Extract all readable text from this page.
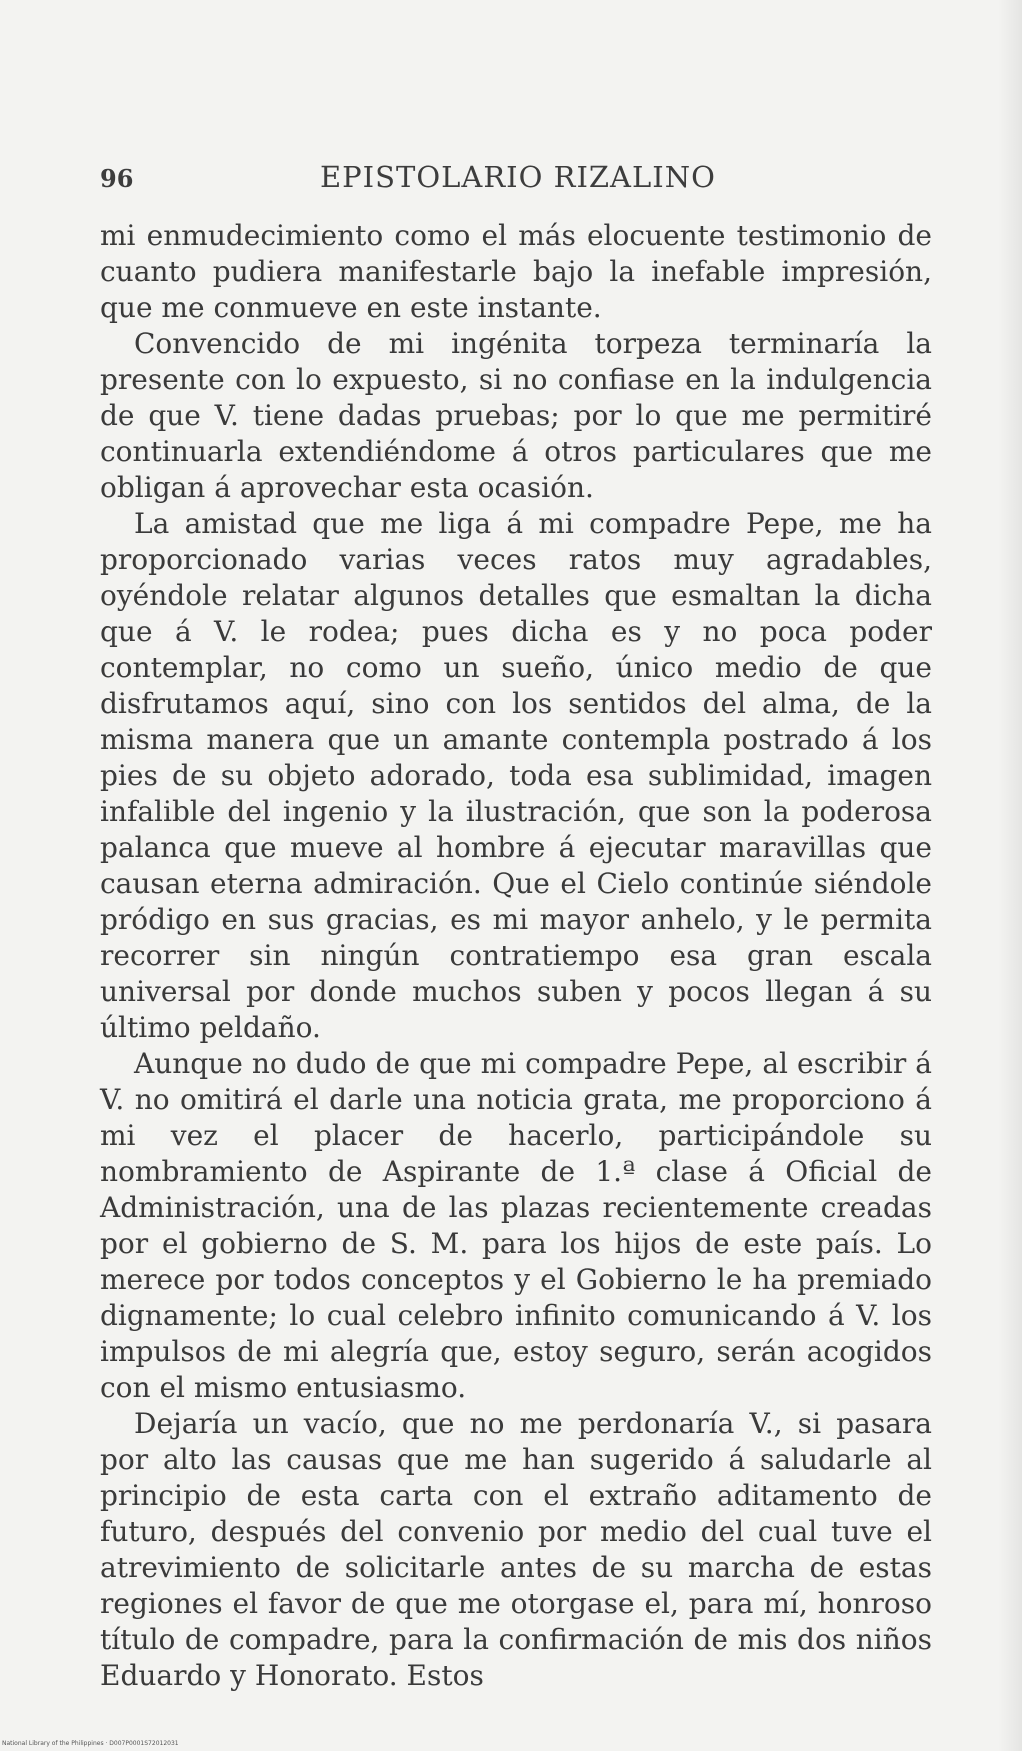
96	EPISTOLARIO RIZALINO

mi enmudecimiento como el más elocuente testimonio de cuanto pudiera manifestarle bajo la inefable impresión, que me conmueve en este instante.

Convencido de mi ingénita torpeza terminaría la presente con lo expuesto, si no confiase en la indulgencia de que V. tiene dadas pruebas; por lo que me permitiré continuarla extendiéndome á otros particulares que me obligan á aprovechar esta ocasión.

La amistad que me liga á mi compadre Pepe, me ha proporcionado varias veces ratos muy agradables, oyéndole relatar algunos detalles que esmaltan la dicha que á V. le rodea; pues dicha es y no poca poder contemplar, no como un sueño, único medio de que disfrutamos aquí, sino con los sentidos del alma, de la misma manera que un amante contempla postrado á los pies de su objeto adorado, toda esa sublimidad, imagen infalible del ingenio y la ilustración, que son la poderosa palanca que mueve al hombre á ejecutar maravillas que causan eterna admiración. Que el Cielo continúe siéndole pródigo en sus gracias, es mi mayor anhelo, y le permita recorrer sin ningún contratiempo esa gran escala universal por donde muchos suben y pocos llegan á su último peldaño.

Aunque no dudo de que mi compadre Pepe, al escribir á V. no omitirá el darle una noticia grata, me proporciono á mi vez el placer de hacerlo, participándole su nombramiento de Aspirante de 1.ª clase á Oficial de Administración, una de las plazas recientemente creadas por el gobierno de S. M. para los hijos de este país. Lo merece por todos conceptos y el Gobierno le ha premiado dignamente; lo cual celebro infinito comunicando á V. los impulsos de mi alegría que, estoy seguro, serán acogidos con el mismo entusiasmo.

Dejaría un vacío, que no me perdonaría V., si pasara por alto las causas que me han sugerido á saludarle al principio de esta carta con el extraño aditamento de futuro, después del convenio por medio del cual tuve el atrevimiento de solicitarle antes de su marcha de estas regiones el favor de que me otorgase el, para mí, honroso título de compadre, para la confirmación de mis dos niños Eduardo y Honorato. Estos

National Library of the Philippines · D007P0001S72012031
